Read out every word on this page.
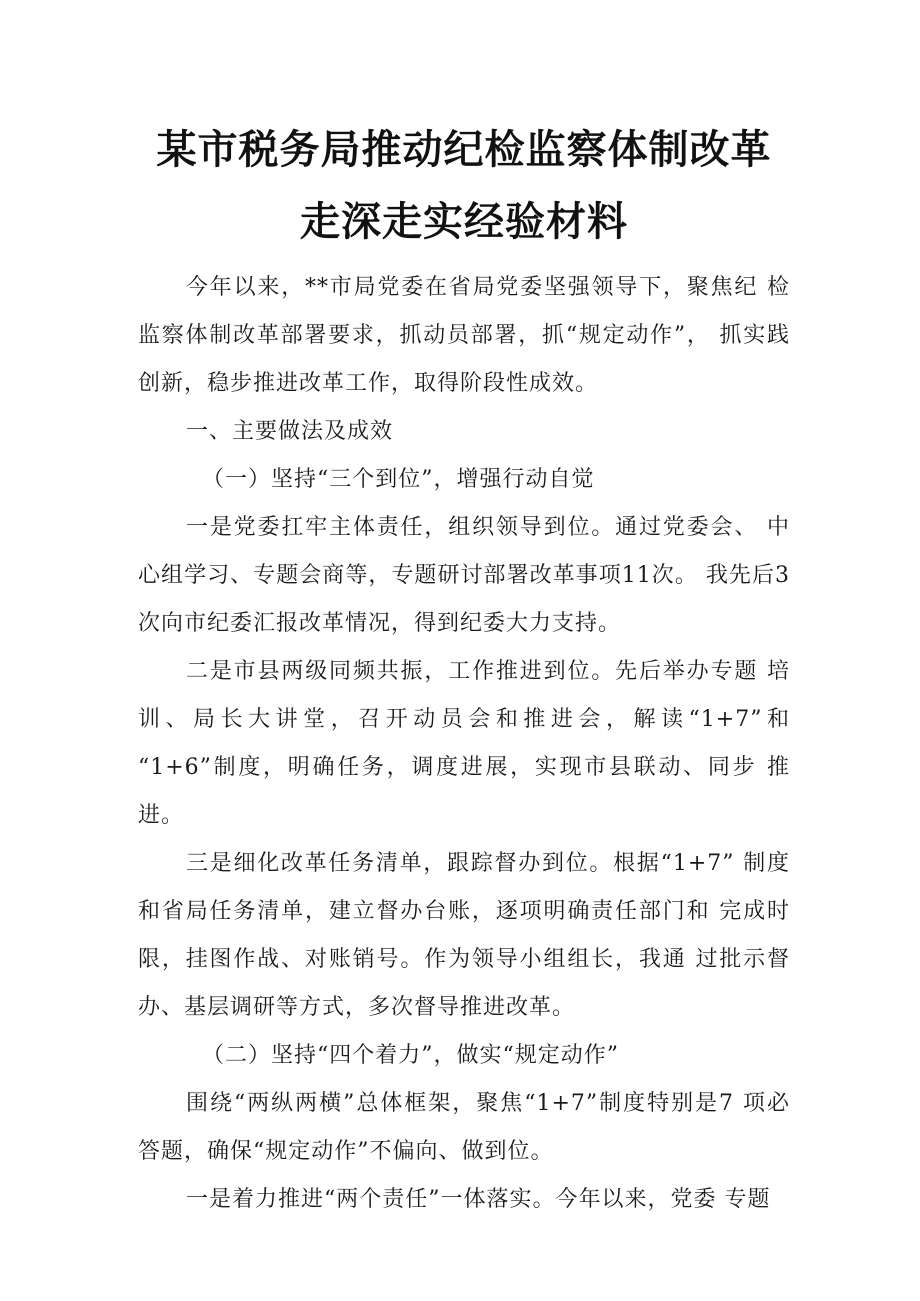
某市税务局推动纪检监察体制改革
走深走实经验材料

今年以来，**市局党委在省局党委坚强领导下，聚焦纪 检监察体制改革部署要求，抓动员部署，抓“规定动作”， 抓实践创新，稳步推进改革工作，取得阶段性成效。

一、主要做法及成效

（一）坚持“三个到位”，增强行动自觉

一是党委扛牢主体责任，组织领导到位。通过党委会、 中心组学习、专题会商等，专题研讨部署改革事项11次。 我先后3次向市纪委汇报改革情况，得到纪委大力支持。

二是市县两级同频共振，工作推进到位。先后举办专题 培训、局长大讲堂，召开动员会和推进会，解读“1+7”和 “1+6”制度，明确任务，调度进展，实现市县联动、同步 推进。

三是细化改革任务清单，跟踪督办到位。根据“1+7” 制度和省局任务清单，建立督办台账，逐项明确责任部门和 完成时限，挂图作战、对账销号。作为领导小组组长，我通 过批示督办、基层调研等方式，多次督导推进改革。

（二）坚持“四个着力”，做实“规定动作”

围绕“两纵两横”总体框架，聚焦“1+7”制度特别是7 项必答题，确保“规定动作”不偏向、做到位。

一是着力推进“两个责任”一体落实。今年以来，党委 专题
